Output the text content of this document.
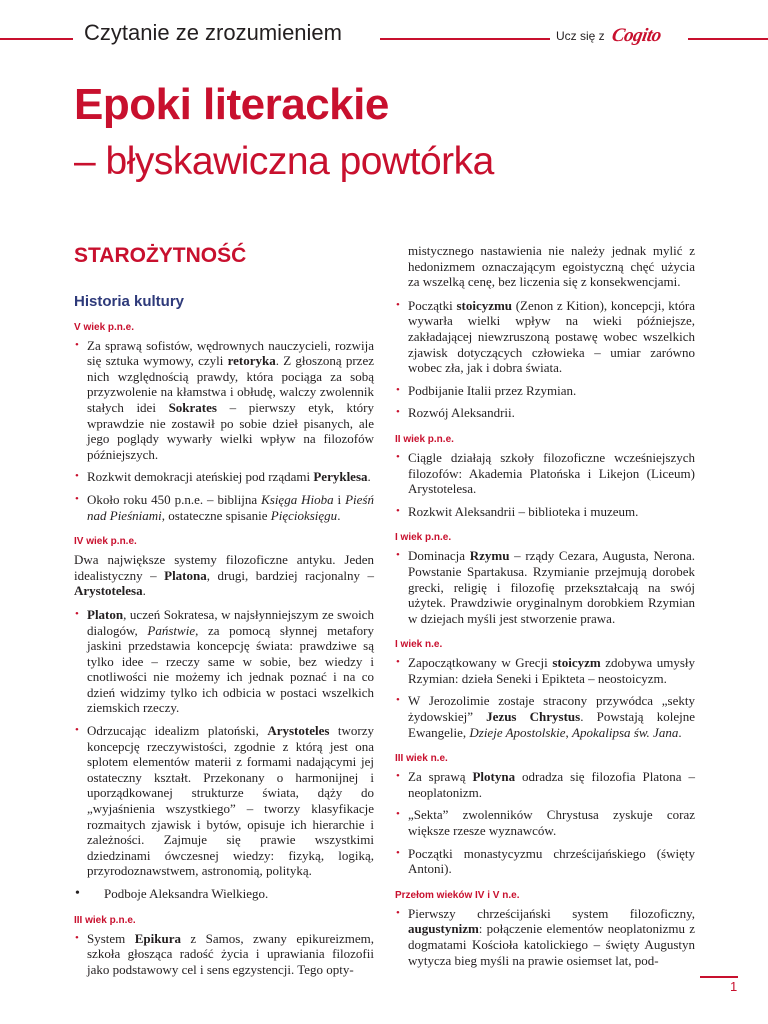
Czytanie ze zrozumieniem	Ucz się z Cogito
Epoki literackie
– błyskawiczna powtórka
STAROŻYTNOŚĆ
Historia kultury
V wiek p.n.e.
• Za sprawą sofistów, wędrownych nauczycieli, rozwija się sztuka wymowy, czyli retoryka. Z głoszoną przez nich względnością prawdy, która pociąga za sobą przyzwolenie na kłamstwa i obłudę, walczy zwolennik stałych idei Sokrates – pierwszy etyk, który wprawdzie nie zostawił po sobie dzieł pisanych, ale jego poglądy wywarły wielki wpływ na filozofów późniejszych.
• Rozkwit demokracji ateńskiej pod rządami Peryklesa.
• Około roku 450 p.n.e. – biblijna Księga Hioba i Pieśń nad Pieśniami, ostateczne spisanie Pięcioksięgu.
IV wiek p.n.e.

Dwa największe systemy filozoficzne antyku. Jeden idealistyczny – Platona, drugi, bardziej racjonalny – Arystotelesa.

• Platon, uczeń Sokratesa, w najsłynniejszym ze swoich dialogów, Państwie, za pomocą słynnej metafory jaskini przedstawia koncepcję świata: prawdziwe są tylko idee – rzeczy same w sobie, bez wiedzy i cnotliwości nie możemy ich jednak poznać i na co dzień widzimy tylko ich odbicia w postaci wszelkich ziemskich rzeczy.
• Odrzucając idealizm platoński, Arystoteles tworzy koncepcję rzeczywistości, zgodnie z którą jest ona splotem elementów materii z formami nadającymi jej ostateczny kształt. Przekonany o harmonijnej i uporządkowanej strukturze świata, dąży do „wyjaśnienia wszystkiego” – tworzy klasyfikacje rozmaitych zjawisk i bytów, opisuje ich hierarchie i zależności. Zajmuje się prawie wszystkimi dziedzinami ówczesnej wiedzy: fizyką, logiką, przyrodoznawstwem, astronomią, polityką.
• Podboje Aleksandra Wielkiego.
III wiek p.n.e.
• System Epikura z Samos, zwany epikureizmem, szkoła głosząca radość życia i uprawiania filozofii jako podstawowy cel i sens egzystencji. Tego opty-

mistycznego nastawienia nie należy jednak mylić z hedonizmem oznaczającym egoistyczną chęć użycia za wszelką cenę, bez liczenia się z konsekwencjami.

• Początki stoicyzmu (Zenon z Kition), koncepcji, która wywarła wielki wpływ na wieki późniejsze, zakładającej niewzruszoną postawę wobec wszelkich zjawisk dotyczących człowieka – umiar zarówno wobec zła, jak i dobra świata.
• Podbijanie Italii przez Rzymian.
• Rozwój Aleksandrii.
II wiek p.n.e.
• Ciągle działają szkoły filozoficzne wcześniejszych filozofów: Akademia Platońska i Likejon (Liceum) Arystotelesa.
• Rozkwit Aleksandrii – biblioteka i muzeum.
I wiek p.n.e.
• Dominacja Rzymu – rządy Cezara, Augusta, Nerona. Powstanie Spartakusa. Rzymianie przejmują dorobek grecki, religię i filozofię przekształcają na swój użytek. Prawdziwie oryginalnym dorobkiem Rzymian w dziejach myśli jest stworzenie prawa.
I wiek n.e.
• Zapoczątkowany w Grecji stoicyzm zdobywa umysły Rzymian: dzieła Seneki i Epikteta – neostoicyzm.
• W Jerozolimie zostaje stracony przywódca „sekty żydowskiej” Jezus Chrystus. Powstają kolejne Ewangelie, Dzieje Apostolskie, Apokalipsa św. Jana.
III wiek n.e.
• Za sprawą Plotyna odradza się filozofia Platona – neoplatonizm.
• „Sekta” zwolenników Chrystusa zyskuje coraz większe rzesze wyznawców.
• Początki monastycyzmu chrześcijańskiego (święty Antoni).
Przełom wieków IV i V n.e.
• Pierwszy chrześcijański system filozoficzny, augustynizm: połączenie elementów neoplatonizmu z dogmatami Kościoła katolickiego – święty Augustyn wytycza bieg myśli na prawie osiemset lat, pod-
1
